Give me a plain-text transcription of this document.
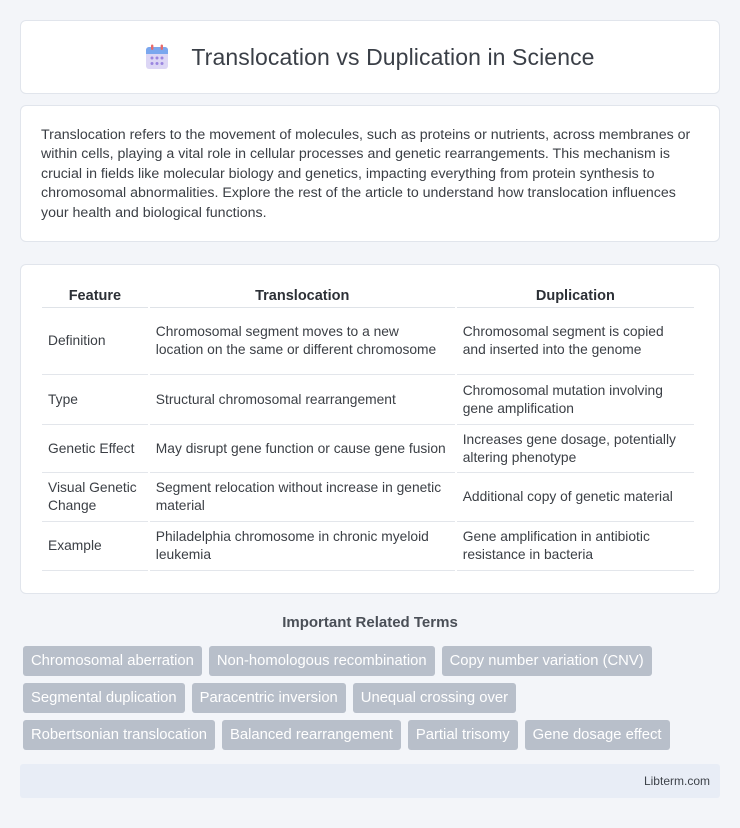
Translocation vs Duplication in Science

Translocation refers to the movement of molecules, such as proteins or nutrients, across membranes or within cells, playing a vital role in cellular processes and genetic rearrangements. This mechanism is crucial in fields like molecular biology and genetics, impacting everything from protein synthesis to chromosomal abnormalities. Explore the rest of the article to understand how translocation influences your health and biological functions.

Feature	Translocation	Duplication
Definition	Chromosomal segment moves to a new location on the same or different chromosome	Chromosomal segment is copied and inserted into the genome
Type	Structural chromosomal rearrangement	Chromosomal mutation involving gene amplification
Genetic Effect	May disrupt gene function or cause gene fusion	Increases gene dosage, potentially altering phenotype
Visual Genetic Change	Segment relocation without increase in genetic material	Additional copy of genetic material
Example	Philadelphia chromosome in chronic myeloid leukemia	Gene amplification in antibiotic resistance in bacteria
Important Related Terms
Chromosomal aberration	Non-homologous recombination	Copy number variation (CNV)
Segmental duplication	Paracentric inversion	Unequal crossing over
Robertsonian translocation	Balanced rearrangement	Partial trisomy	Gene dosage effect
Libterm.com
